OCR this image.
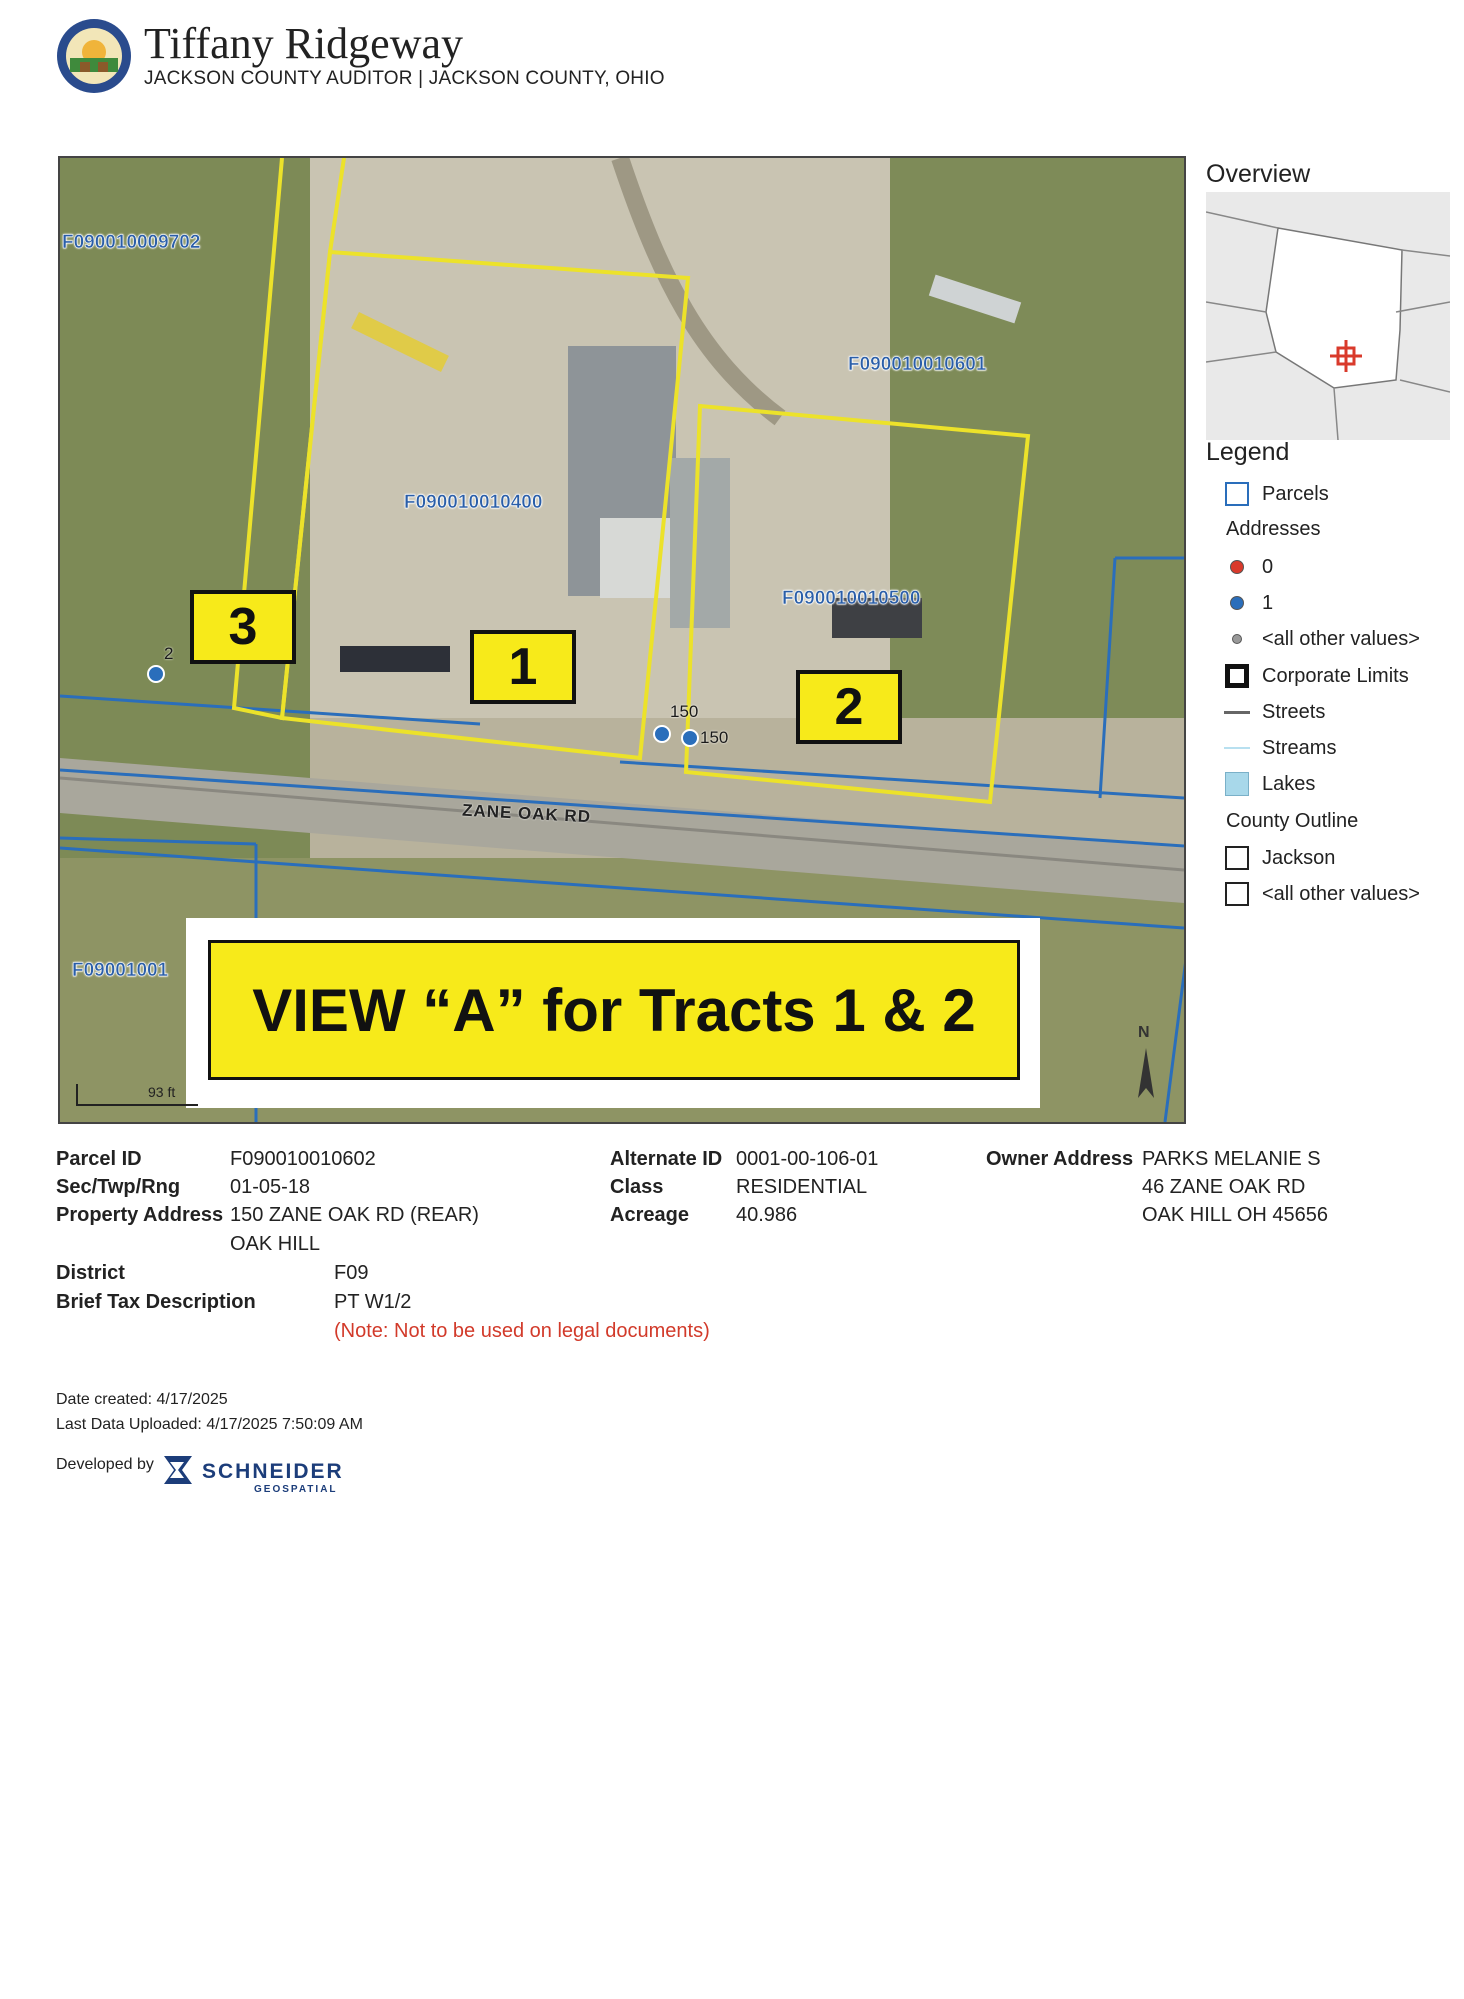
Tiffany Ridgeway
JACKSON COUNTY AUDITOR | JACKSON COUNTY, OHIO
F090010009702
F090010010601
F090010010400
F090010010500
F09001001
3
1
2
2
150
150
ZANE OAK RD
VIEW “A” for Tracts 1 & 2
93 ft
N
Overview
Legend
Parcels
Addresses
0
1
<all other values>
Corporate Limits
Streets
Streams
Lakes
County Outline
Jackson
<all other values>
Parcel ID	F090010010602
Sec/Twp/Rng 01-05-18
Property Address 150 ZANE OAK RD (REAR)
OAK HILL
District	F09
Brief Tax Description	PT W1/2
(Note: Not to be used on legal documents)
Alternate ID 0001-00-106-01
Class	RESIDENTIAL
Acreage 40.986
Owner Address PARKS MELANIE S
46 ZANE OAK RD
OAK HILL OH 45656
Date created: 4/17/2025
Last Data Uploaded: 4/17/2025 7:50:09 AM
Developed by SCHNEIDER
GEOSPATIAL
